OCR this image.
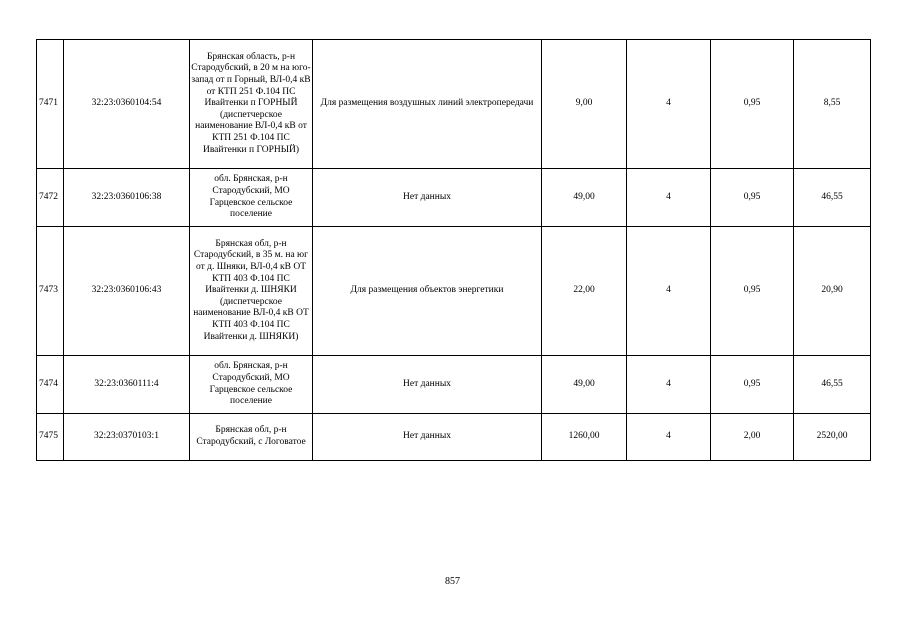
7471	32:23:0360104:54	Брянская область, р-н Стародубский, в 20 м на юго-запад от п Горный, ВЛ-0,4 кВ от КТП 251 Ф.104 ПС Ивайтенки п ГОРНЫЙ (диспетчерское наименование ВЛ-0,4 кВ от КТП 251 Ф.104 ПС Ивайтенки п ГОРНЫЙ)	Для размещения воздушных линий электропередачи	9,00	4	0,95	8,55
7472	32:23:0360106:38	обл. Брянская, р-н Стародубский, МО Гарцевское сельское поселение	Нет данных	49,00	4	0,95	46,55
7473	32:23:0360106:43	Брянская обл, р-н Стародубский, в 35 м. на юг от д. Шняки, ВЛ-0,4 кВ ОТ КТП 403 Ф.104 ПС Ивайтенки д. ШНЯКИ (диспетчерское наименование ВЛ-0,4 кВ ОТ КТП 403 Ф.104 ПС Ивайтенки д. ШНЯКИ)	Для размещения объектов энергетики	22,00	4	0,95	20,90
7474	32:23:0360111:4	обл. Брянская, р-н Стародубский, МО Гарцевское сельское поселение	Нет данных	49,00	4	0,95	46,55
7475	32:23:0370103:1	Брянская обл, р-н Стародубский, с Логоватое	Нет данных	1260,00	4	2,00	2520,00
857
